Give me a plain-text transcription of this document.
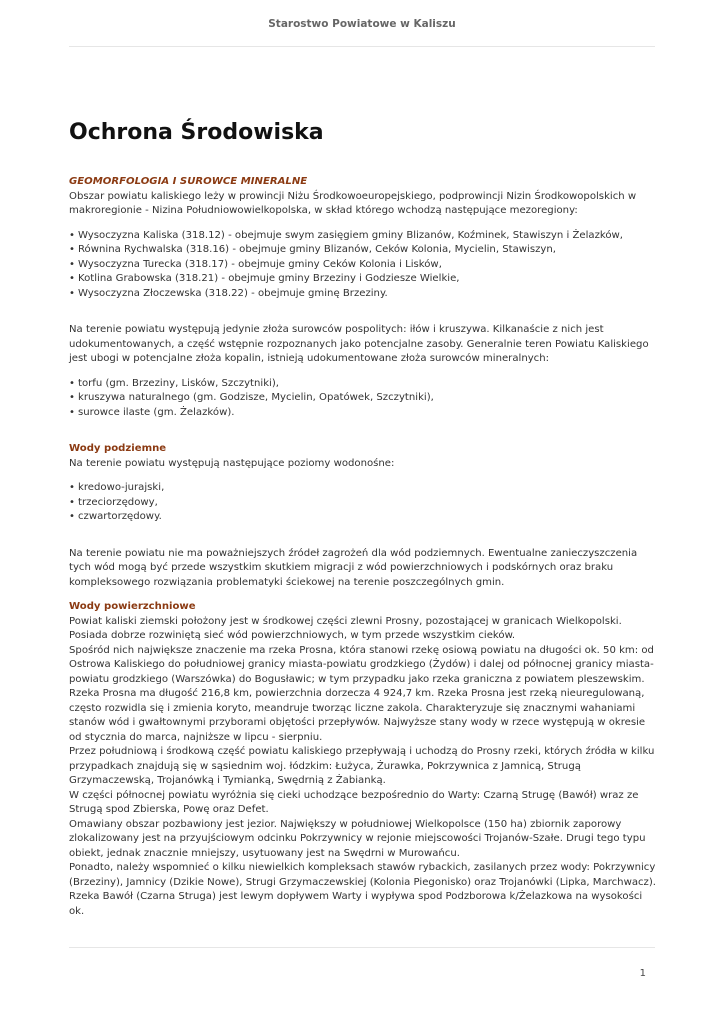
Starostwo Powiatowe w Kaliszu
Ochrona Środowiska
GEOMORFOLOGIA I SUROWCE MINERALNE

Obszar powiatu kaliskiego leży w prowincji Niżu Środkowoeuropejskiego, podprowincji Nizin Środkowopolskich w makroregionie - Nizina Południowowielkopolska, w skład którego wchodzą następujące mezoregiony:

• Wysoczyzna Kaliska (318.12) - obejmuje swym zasięgiem gminy Blizanów, Koźminek, Stawiszyn i Żelazków,
• Równina Rychwalska (318.16) - obejmuje gminy Blizanów, Ceków Kolonia, Mycielin, Stawiszyn,
• Wysoczyzna Turecka (318.17) - obejmuje gminy Ceków Kolonia i Lisków,
• Kotlina Grabowska (318.21) - obejmuje gminy Brzeziny i Godziesze Wielkie,
• Wysoczyzna Złoczewska (318.22) - obejmuje gminę Brzeziny.

Na terenie powiatu występują jedynie złoża surowców pospolitych: iłów i kruszywa. Kilkanaście z nich jest udokumentowanych, a część wstępnie rozpoznanych jako potencjalne zasoby. Generalnie teren Powiatu Kaliskiego jest ubogi w potencjalne złoża kopalin, istnieją udokumentowane złoża surowców mineralnych:

• torfu (gm. Brzeziny, Lisków, Szczytniki),
• kruszywa naturalnego (gm. Godzisze, Mycielin, Opatówek, Szczytniki),
• surowce ilaste (gm. Żelazków).
Wody podziemne

Na terenie powiatu występują następujące poziomy wodonośne:

• kredowo-jurajski,
• trzeciorzędowy,
• czwartorzędowy.

Na terenie powiatu nie ma poważniejszych źródeł zagrożeń dla wód podziemnych. Ewentualne zanieczyszczenia tych wód mogą być przede wszystkim skutkiem migracji z wód powierzchniowych i podskórnych oraz braku kompleksowego rozwiązania problematyki ściekowej na terenie poszczególnych gmin.

Wody powierzchniowe

Powiat kaliski ziemski położony jest w środkowej części zlewni Prosny, pozostającej w granicach Wielkopolski. Posiada dobrze rozwiniętą sieć wód powierzchniowych, w tym przede wszystkim cieków.

Spośród nich największe znaczenie ma rzeka Prosna, która stanowi rzekę osiową powiatu na długości ok. 50 km: od Ostrowa Kaliskiego do południowej granicy miasta-powiatu grodzkiego (Żydów) i dalej od północnej granicy miasta-powiatu grodzkiego (Warszówka) do Bogusławic; w tym przypadku jako rzeka graniczna z powiatem pleszewskim. Rzeka Prosna ma długość 216,8 km, powierzchnia dorzecza 4 924,7 km. Rzeka Prosna jest rzeką nieuregulowaną, często rozwidla się i zmienia koryto, meandruje tworząc liczne zakola. Charakteryzuje się znacznymi wahaniami stanów wód i gwałtownymi przyborami objętości przepływów. Najwyższe stany wody w rzece występują w okresie od stycznia do marca, najniższe w lipcu - sierpniu.

Przez południową i środkową część powiatu kaliskiego przepływają i uchodzą do Prosny rzeki, których źródła w kilku przypadkach znajdują się w sąsiednim woj. łódzkim: Łużyca, Żurawka, Pokrzywnica z Jamnicą, Strugą Grzymaczewską, Trojanówką i Tymianką, Swędrnią z Żabianką.

W części północnej powiatu wyróżnia się cieki uchodzące bezpośrednio do Warty: Czarną Strugę (Bawół) wraz ze Strugą spod Zbierska, Powę oraz Defet.

Omawiany obszar pozbawiony jest jezior. Największy w południowej Wielkopolsce (150 ha) zbiornik zaporowy zlokalizowany jest na przyujściowym odcinku Pokrzywnicy w rejonie miejscowości Trojanów-Szałe. Drugi tego typu obiekt, jednak znacznie mniejszy, usytuowany jest na Swędrni w Murowańcu.

Ponadto, należy wspomnieć o kilku niewielkich kompleksach stawów rybackich, zasilanych przez wody: Pokrzywnicy (Brzeziny), Jamnicy (Dzikie Nowe), Strugi Grzymaczewskiej (Kolonia Piegonisko) oraz Trojanówki (Lipka, Marchwacz).

Rzeka Bawół (Czarna Struga) jest lewym dopływem Warty i wypływa spod Podzborowa k/Żelazkowa na wysokości ok.

1
